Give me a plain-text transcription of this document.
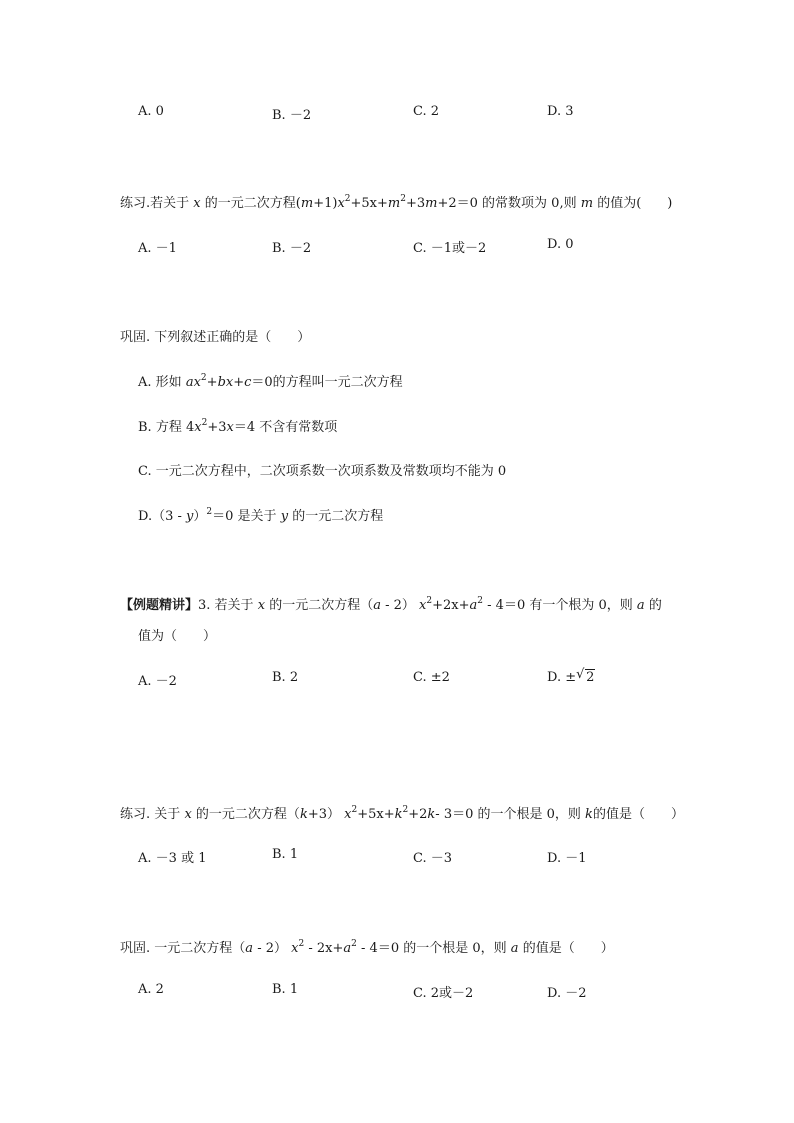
A. 0	B. －2	C. 2	D. 3
练习.若关于 x 的一元二次方程$(m+1)x^2+5x+m^2+3m+2=0$ 的常数项为 0,则 m 的值为(　　)
A. －1	B. －2	C. －1或－2	D. 0
巩固. 下列叙述正确的是（　　）
A. 形如 $ax^2+bx+c=0$的方程叫一元二次方程
B. 方程 $4x^2+3x=4$ 不含有常数项
C. 一元二次方程中，二次项系数一次项系数及常数项均不能为 0
D.（3 - y）$^2$＝0 是关于 y 的一元二次方程
【例题精讲】3. 若关于 x 的一元二次方程（a - 2） $x^2+2x+a^2 - 4=0$ 有一个根为 0，则 a 的
值为（　　）
A. －2	B. 2	C. ±2	D. ± √ 2
练习. 关于 x 的一元二次方程（k+3） $x^2+5x+k^2+2k-$ 3＝0 的一个根是 0，则 k的值是（　　）
A. －3 或 1	B. 1	C. －3	D. －1
巩固. 一元二次方程（a - 2） $x^2 - 2x+a^2 - 4=0$ 的一个根是 0，则 a 的值是（　　）
A. 2	B. 1	C. 2或－2	D. －2
